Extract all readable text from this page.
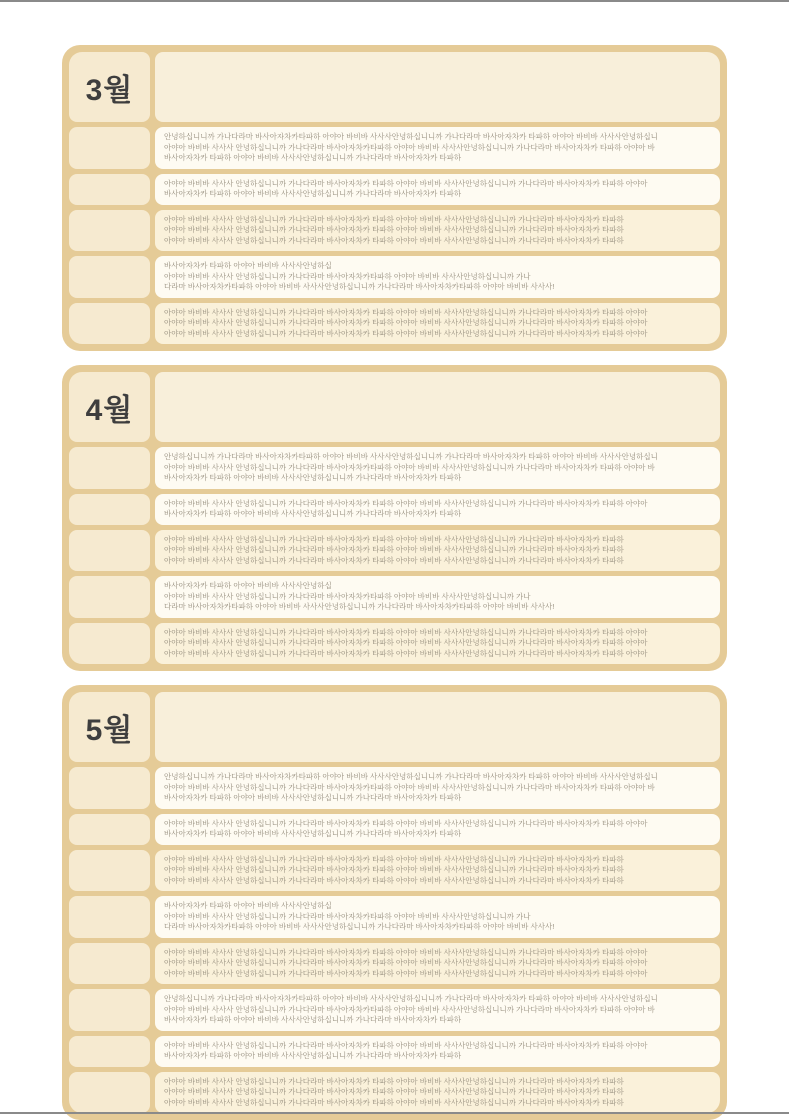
3월

안녕하십니니까 가나다라마 바사아자차카타파하 아야아 바비바 사사사안녕하십니니까 가나다라마 바사아자차카 타파하 아야아 바비바 사사사안녕하십니

아야아 바비바 사사사 안녕하십니니까 가나다라마 바사아자차카타파하 아야아 바비바 사사사안녕하십니니까 가나다라마 바사아자차카 타파하 아야아 바

바사아자차카 타파하 아야아 바비바 사사사안녕하십니니까 가나다라마 바사아자차카 타파하

아야아 바비바 사사사 안녕하십니니까 가나다라마 바사아자차카 타파하 아야아 바비바 사사사안녕하십니니까 가나다라마 바사아자차카 타파하 아야아

바사아자차카 타파하 아야아 바비바 사사사안녕하십니니까 가나다라마 바사아자차카 타파하

아야아 바비바 사사사 안녕하십니니까 가나다라마 바사아자차카 타파하 아야아 바비바 사사사안녕하십니니까 가나다라마 바사아자차카 타파하

아야아 바비바 사사사 안녕하십니니까 가나다라마 바사아자차카 타파하 아야아 바비바 사사사안녕하십니니까 가나다라마 바사아자차카 타파하

아야아 바비바 사사사 안녕하십니니까 가나다라마 바사아자차카 타파하 아야아 바비바 사사사안녕하십니니까 가나다라마 바사아자차카 타파하

바사아자차카 타파하 아야아 바비바 사사사안녕하십

아야아 바비바 사사사 안녕하십니니까 가나다라마 바사아자차카타파하 아야아 바비바 사사사안녕하십니니까 가나

다라마 바사아자차카타파하 아야아 바비바 사사사안녕하십니니까 가나다라마 바사아자차카타파하 아야아 바비바 사사사!

아야아 바비바 사사사 안녕하십니니까 가나다라마 바사아자차카 타파하 아야아 바비바 사사사안녕하십니니까 가나다라마 바사아자차카 타파하 아야아

아야아 바비바 사사사 안녕하십니니까 가나다라마 바사아자차카 타파하 아야아 바비바 사사사안녕하십니니까 가나다라마 바사아자차카 타파하 아야아

아야아 바비바 사사사 안녕하십니니까 가나다라마 바사아자차카 타파하 아야아 바비바 사사사안녕하십니니까 가나다라마 바사아자차카 타파하 아야아

4월

안녕하십니니까 가나다라마 바사아자차카타파하 아야아 바비바 사사사안녕하십니니까 가나다라마 바사아자차카 타파하 아야아 바비바 사사사안녕하십니

아야아 바비바 사사사 안녕하십니니까 가나다라마 바사아자차카타파하 아야아 바비바 사사사안녕하십니니까 가나다라마 바사아자차카 타파하 아야아 바

바사아자차카 타파하 아야아 바비바 사사사안녕하십니니까 가나다라마 바사아자차카 타파하

아야아 바비바 사사사 안녕하십니니까 가나다라마 바사아자차카 타파하 아야아 바비바 사사사안녕하십니니까 가나다라마 바사아자차카 타파하 아야아

바사아자차카 타파하 아야아 바비바 사사사안녕하십니니까 가나다라마 바사아자차카 타파하

아야아 바비바 사사사 안녕하십니니까 가나다라마 바사아자차카 타파하 아야아 바비바 사사사안녕하십니니까 가나다라마 바사아자차카 타파하

아야아 바비바 사사사 안녕하십니니까 가나다라마 바사아자차카 타파하 아야아 바비바 사사사안녕하십니니까 가나다라마 바사아자차카 타파하

아야아 바비바 사사사 안녕하십니니까 가나다라마 바사아자차카 타파하 아야아 바비바 사사사안녕하십니니까 가나다라마 바사아자차카 타파하

바사아자차카 타파하 아야아 바비바 사사사안녕하십

아야아 바비바 사사사 안녕하십니니까 가나다라마 바사아자차카타파하 아야아 바비바 사사사안녕하십니니까 가나

다라마 바사아자차카타파하 아야아 바비바 사사사안녕하십니니까 가나다라마 바사아자차카타파하 아야아 바비바 사사사!

아야아 바비바 사사사 안녕하십니니까 가나다라마 바사아자차카 타파하 아야아 바비바 사사사안녕하십니니까 가나다라마 바사아자차카 타파하 아야아

아야아 바비바 사사사 안녕하십니니까 가나다라마 바사아자차카 타파하 아야아 바비바 사사사안녕하십니니까 가나다라마 바사아자차카 타파하 아야아

아야아 바비바 사사사 안녕하십니니까 가나다라마 바사아자차카 타파하 아야아 바비바 사사사안녕하십니니까 가나다라마 바사아자차카 타파하 아야아

5월

안녕하십니니까 가나다라마 바사아자차카타파하 아야아 바비바 사사사안녕하십니니까 가나다라마 바사아자차카 타파하 아야아 바비바 사사사안녕하십니

아야아 바비바 사사사 안녕하십니니까 가나다라마 바사아자차카타파하 아야아 바비바 사사사안녕하십니니까 가나다라마 바사아자차카 타파하 아야아 바

바사아자차카 타파하 아야아 바비바 사사사안녕하십니니까 가나다라마 바사아자차카 타파하

아야아 바비바 사사사 안녕하십니니까 가나다라마 바사아자차카 타파하 아야아 바비바 사사사안녕하십니니까 가나다라마 바사아자차카 타파하 아야아

바사아자차카 타파하 아야아 바비바 사사사안녕하십니니까 가나다라마 바사아자차카 타파하

아야아 바비바 사사사 안녕하십니니까 가나다라마 바사아자차카 타파하 아야아 바비바 사사사안녕하십니니까 가나다라마 바사아자차카 타파하

아야아 바비바 사사사 안녕하십니니까 가나다라마 바사아자차카 타파하 아야아 바비바 사사사안녕하십니니까 가나다라마 바사아자차카 타파하

아야아 바비바 사사사 안녕하십니니까 가나다라마 바사아자차카 타파하 아야아 바비바 사사사안녕하십니니까 가나다라마 바사아자차카 타파하

바사아자차카 타파하 아야아 바비바 사사사안녕하십

아야아 바비바 사사사 안녕하십니니까 가나다라마 바사아자차카타파하 아야아 바비바 사사사안녕하십니니까 가나

다라마 바사아자차카타파하 아야아 바비바 사사사안녕하십니니까 가나다라마 바사아자차카타파하 아야아 바비바 사사사!

아야아 바비바 사사사 안녕하십니니까 가나다라마 바사아자차카 타파하 아야아 바비바 사사사안녕하십니니까 가나다라마 바사아자차카 타파하 아야아

아야아 바비바 사사사 안녕하십니니까 가나다라마 바사아자차카 타파하 아야아 바비바 사사사안녕하십니니까 가나다라마 바사아자차카 타파하 아야아

아야아 바비바 사사사 안녕하십니니까 가나다라마 바사아자차카 타파하 아야아 바비바 사사사안녕하십니니까 가나다라마 바사아자차카 타파하 아야아

안녕하십니니까 가나다라마 바사아자차카타파하 아야아 바비바 사사사안녕하십니니까 가나다라마 바사아자차카 타파하 아야아 바비바 사사사안녕하십니

아야아 바비바 사사사 안녕하십니니까 가나다라마 바사아자차카타파하 아야아 바비바 사사사안녕하십니니까 가나다라마 바사아자차카 타파하 아야아 바

바사아자차카 타파하 아야아 바비바 사사사안녕하십니니까 가나다라마 바사아자차카 타파하

아야아 바비바 사사사 안녕하십니니까 가나다라마 바사아자차카 타파하 아야아 바비바 사사사안녕하십니니까 가나다라마 바사아자차카 타파하 아야아

바사아자차카 타파하 아야아 바비바 사사사안녕하십니니까 가나다라마 바사아자차카 타파하

아야아 바비바 사사사 안녕하십니니까 가나다라마 바사아자차카 타파하 아야아 바비바 사사사안녕하십니니까 가나다라마 바사아자차카 타파하

아야아 바비바 사사사 안녕하십니니까 가나다라마 바사아자차카 타파하 아야아 바비바 사사사안녕하십니니까 가나다라마 바사아자차카 타파하

아야아 바비바 사사사 안녕하십니니까 가나다라마 바사아자차카 타파하 아야아 바비바 사사사안녕하십니니까 가나다라마 바사아자차카 타파하
